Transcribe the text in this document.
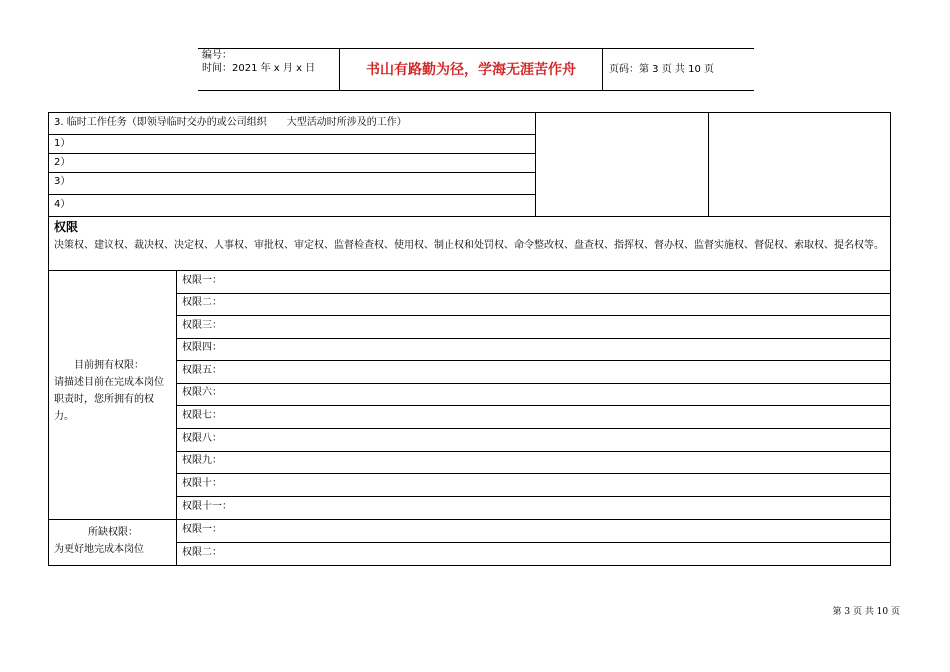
编号：
时间：2021 年 x 月 x 日	书山有路勤为径，学海无涯苦作舟	页码：第 3 页 共 10 页
3. 临时工作任务（即领导临时交办的或公司组织　　大型活动时所涉及的工作）
1）
2）
3）
4）
权限
决策权、建议权、裁决权、决定权、人事权、审批权、审定权、监督检查权、使用权、制止权和处罚权、命令整改权、盘查权、指挥权、督办权、监督实施权、督促权、索取权、提名权等。
目前拥有权限：
请描述目前在完成本岗位职责时，您所拥有的权力。
权限一：
权限二：
权限三：
权限四：
权限五：
权限六：
权限七：
权限八：
权限九：
权限十：
权限十一：
所缺权限：
为更好地完成本岗位
权限一：
权限二：
第 3 页 共 10 页
